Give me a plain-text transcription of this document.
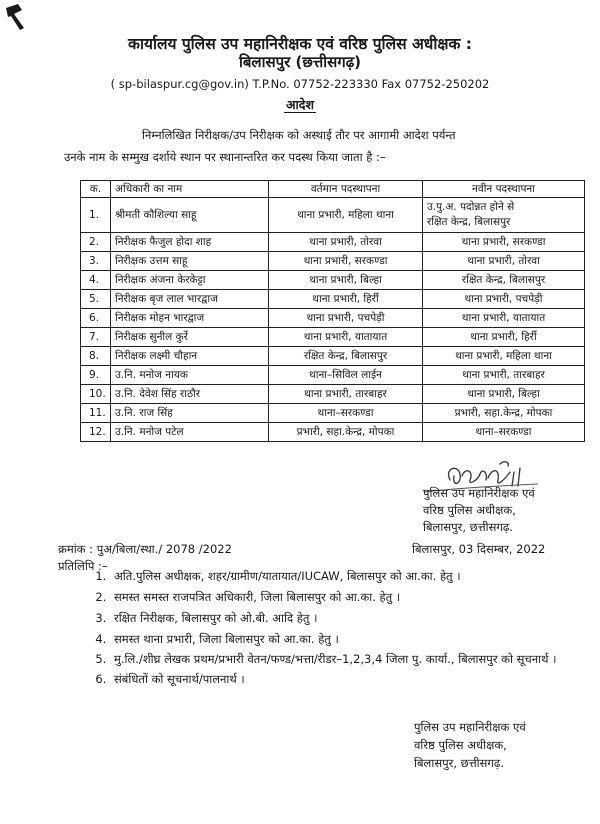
कार्यालय पुलिस उप महानिरीक्षक एवं वरिष्ठ पुलिस अधीक्षक :
बिलासपुर (छत्तीसगढ़)
( sp-bilaspur.cg@gov.in) T.P.No. 07752-223330 Fax 07752-250202
आदेश
निम्नलिखित निरीक्षक/उप निरीक्षक को अस्थाई तौर पर आगामी आदेश पर्यन्त
उनके नाम के सम्मुख दर्शाये स्थान पर स्थानान्तरित कर पदस्थ किया जाता है :–
क.	अधिकारी का नाम	वर्तमान पदस्थापना	नवीन पदस्थापना
1.	श्रीमती कौशिल्या साहू	थाना प्रभारी, महिला थाना	उ.पु.अ. पदोन्नत होने से
रक्षित केन्द्र, बिलासपुर

2.	निरीक्षक फैजुल होदा शाह	थाना प्रभारी, तोरवा	थाना प्रभारी, सरकण्डा
3.	निरीक्षक उत्तम साहू	थाना प्रभारी, सरकण्डा	थाना प्रभारी, तोरवा
4.	निरीक्षक अंजना केरकेट्टा	थाना प्रभारी, बिल्हा	रक्षित केन्द्र, बिलासपुर
5.	निरीक्षक बृज लाल भारद्वाज	थाना प्रभारी, हिर्री	थाना प्रभारी, पचपेड़ी
6.	निरीक्षक मोहन भारद्वाज	थाना प्रभारी, पचपेड़ी	थाना प्रभारी, यातायात
7.	निरीक्षक सुनील कुर्रे	थाना प्रभारी, यातायात	थाना प्रभारी, हिर्री
8.	निरीक्षक लक्ष्मी चौहान	रक्षित केन्द्र, बिलासपुर	थाना प्रभारी, महिला थाना
9.	उ.नि. मनोज नायक	थाना–सिविल लाईन	थाना प्रभारी, तारबाहर
10.	उ.नि. देवेश सिंह राठौर	थाना प्रभारी, तारबाहर	थाना प्रभारी, बिल्हा
11.	उ.नि. राज सिंह	थाना–सरकण्डा	प्रभारी, सहा.केन्द्र, मोपका
12.	उ.नि. मनोज पटेल	प्रभारी, सहा.केन्द्र, मोपका	थाना–सरकण्डा
पुलिस उप महानिरीक्षक एवं
वरिष्ठ पुलिस अधीक्षक,
बिलासपुर, छत्तीसगढ़.
क्रमांक : पुअ/बिला/स्था./ 2078 /2022	बिलासपुर, 03 दिसम्बर, 2022
प्रतिलिपि :–
1. अति.पुलिस अधीक्षक, शहर/ग्रामीण/यातायात/IUCAW, बिलासपुर को आ.का. हेतु ।
2. समस्त समस्त राजपत्रित अधिकारी, जिला बिलासपुर को आ.का. हेतु ।
3. रक्षित निरीक्षक, बिलासपुर को ओ.बी. आदि हेतु ।
4. समस्त थाना प्रभारी, जिला बिलासपुर को आ.का. हेतु ।
5. मु.लि./शीघ्र लेखक प्रथम/प्रभारी वेतन/फण्ड/भत्ता/रीडर–1,2,3,4 जिला पु. कार्या., बिलासपुर को सूचनार्थ ।
6. संबंधितों को सूचनार्थ/पालनार्थ ।
पुलिस उप महानिरीक्षक एवं
वरिष्ठ पुलिस अधीक्षक,
बिलासपुर, छत्तीसगढ़.
